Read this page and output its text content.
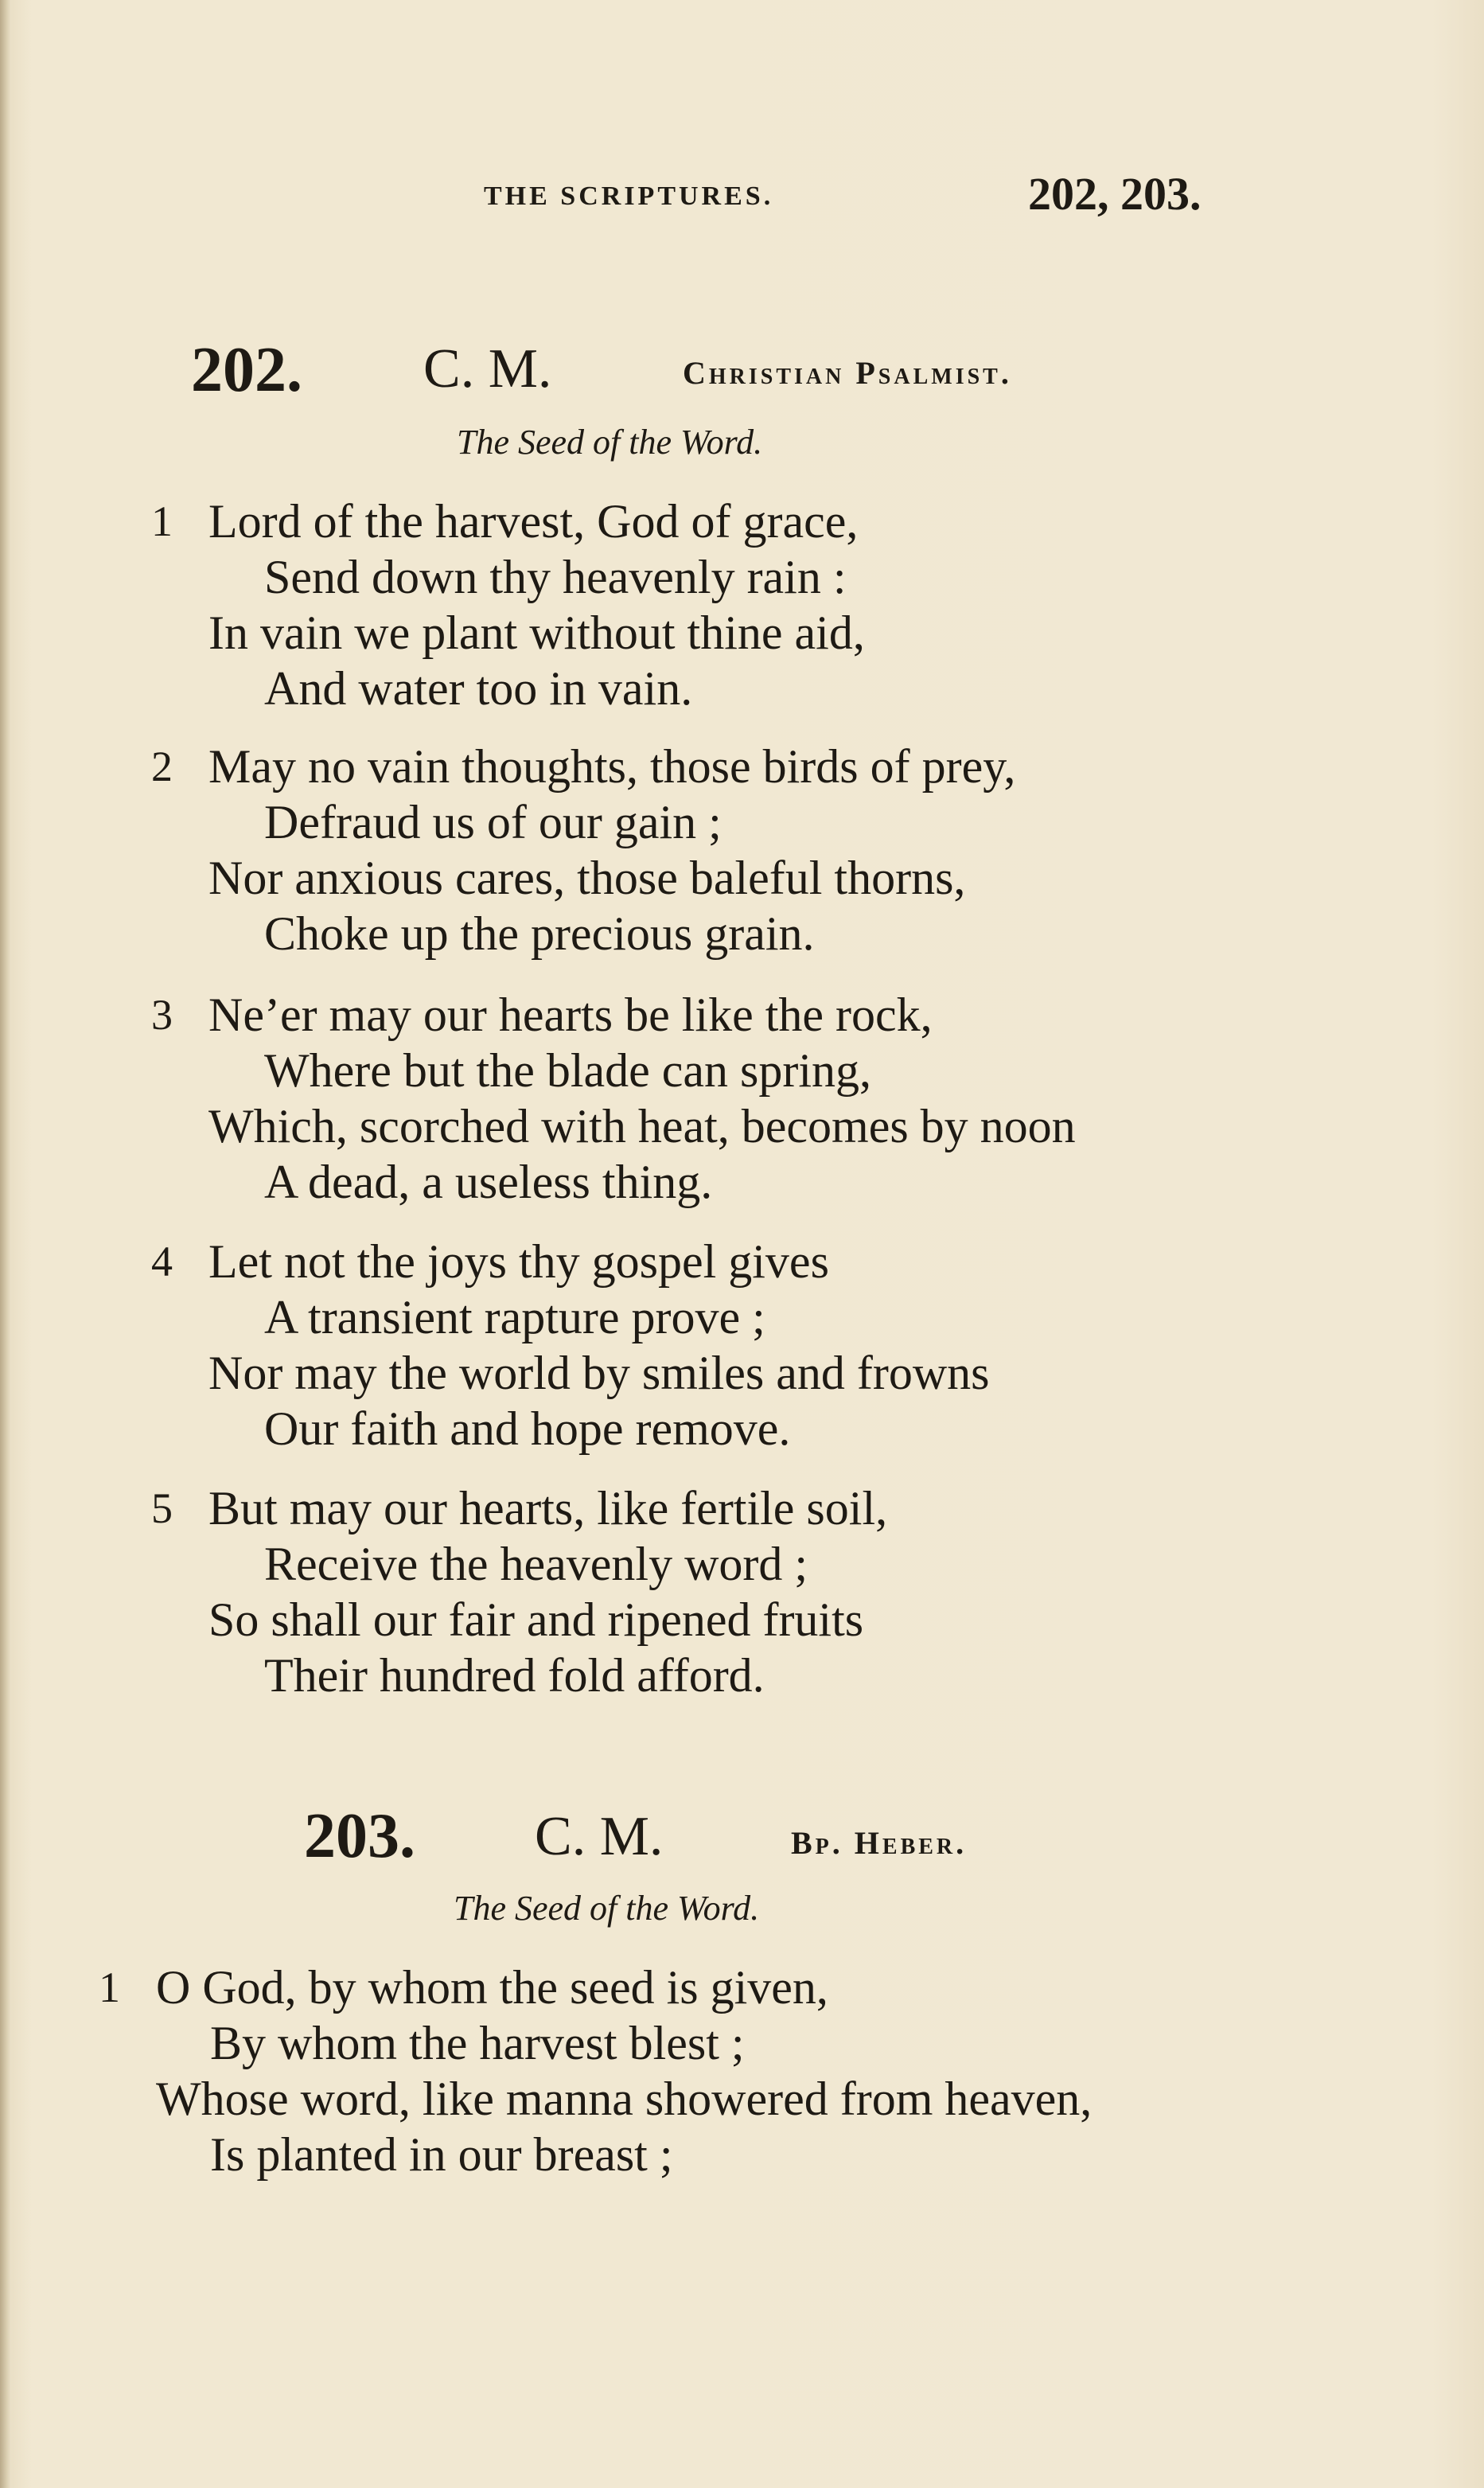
THE SCRIPTURES.	202, 203.
202. C. M.	Christian Psalmist.
The Seed of the Word.
1 Lord of the harvest, God of grace,
Send down thy heavenly rain :
In vain we plant without thine aid,
And water too in vain.
2 May no vain thoughts, those birds of prey,
Defraud us of our gain ;
Nor anxious cares, those baleful thorns,
Choke up the precious grain.
3 Ne’er may our hearts be like the rock,
Where but the blade can spring,
Which, scorched with heat, becomes by noon
A dead, a useless thing.
4 Let not the joys thy gospel gives
A transient rapture prove ;
Nor may the world by smiles and frowns
Our faith and hope remove.
5 But may our hearts, like fertile soil,
Receive the heavenly word ;
So shall our fair and ripened fruits
Their hundred fold afford.
203. C. M.	Bp. Heber.
The Seed of the Word.
1 O God, by whom the seed is given,
By whom the harvest blest ;
Whose word, like manna showered from heaven,
Is planted in our breast ;
